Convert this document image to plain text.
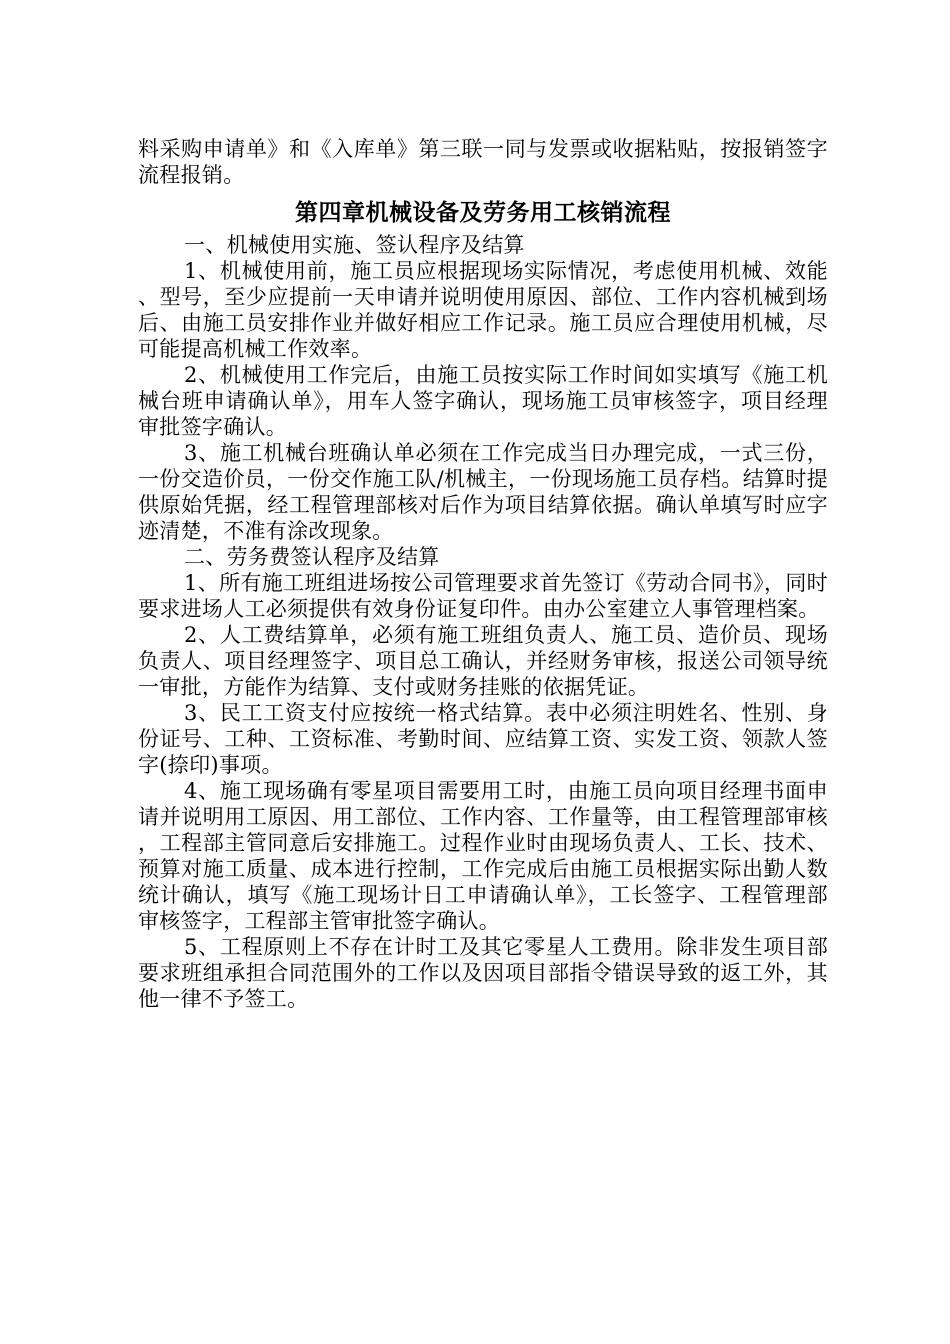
料采购申请单》和《入库单》第三联一同与发票或收据粘贴，按报销签字流程报销。

第四章机械设备及劳务用工核销流程

一、机械使用实施、签认程序及结算

1、机械使用前，施工员应根据现场实际情况，考虑使用机械、效能、型号，至少应提前一天申请并说明使用原因、部位、工作内容机械到场后、由施工员安排作业并做好相应工作记录。施工员应合理使用机械，尽可能提高机械工作效率。

2、机械使用工作完后，由施工员按实际工作时间如实填写《施工机械台班申请确认单》，用车人签字确认，现场施工员审核签字，项目经理审批签字确认。

3、施工机械台班确认单必须在工作完成当日办理完成，一式三份，一份交造价员，一份交作施工队/机械主，一份现场施工员存档。结算时提供原始凭据，经工程管理部核对后作为项目结算依据。确认单填写时应字迹清楚，不准有涂改现象。

二、劳务费签认程序及结算

1、所有施工班组进场按公司管理要求首先签订《劳动合同书》，同时要求进场人工必须提供有效身份证复印件。由办公室建立人事管理档案。

2、人工费结算单，必须有施工班组负责人、施工员、造价员、现场负责人、项目经理签字、项目总工确认，并经财务审核，报送公司领导统一审批，方能作为结算、支付或财务挂账的依据凭证。

3、民工工资支付应按统一格式结算。表中必须注明姓名、性别、身份证号、工种、工资标准、考勤时间、应结算工资、实发工资、领款人签字(捺印)事项。

4、施工现场确有零星项目需要用工时，由施工员向项目经理书面申请并说明用工原因、用工部位、工作内容、工作量等，由工程管理部审核，工程部主管同意后安排施工。过程作业时由现场负责人、工长、技术、预算对施工质量、成本进行控制，工作完成后由施工员根据实际出勤人数统计确认，填写《施工现场计日工申请确认单》，工长签字、工程管理部审核签字，工程部主管审批签字确认。

5、工程原则上不存在计时工及其它零星人工费用。除非发生项目部要求班组承担合同范围外的工作以及因项目部指令错误导致的返工外，其他一律不予签工。
